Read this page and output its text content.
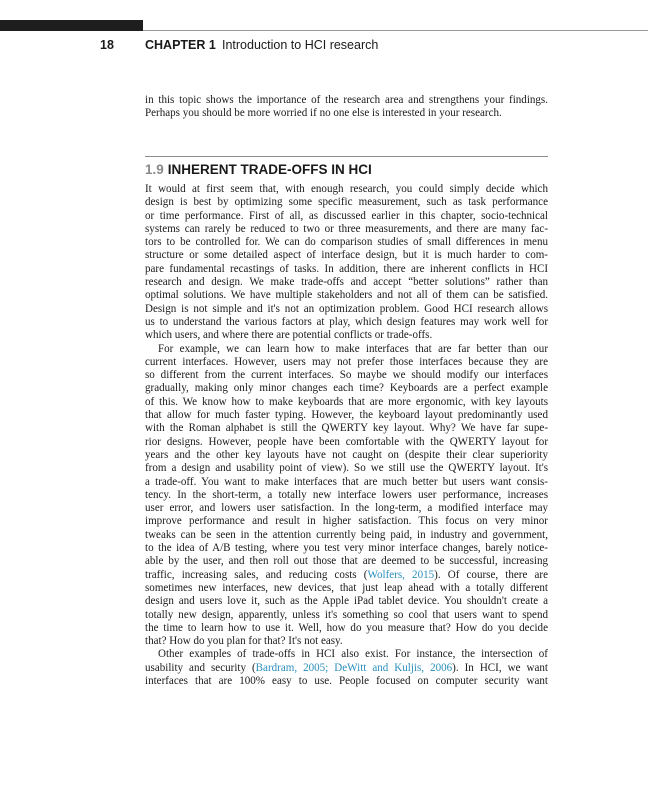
18 CHAPTER 1 Introduction to HCI research

in this topic shows the importance of the research area and strengthens your findings.

Perhaps you should be more worried if no one else is interested in your research.

1.9 INHERENT TRADE-OFFS IN HCI

It would at first seem that, with enough research, you could simply decide which

design is best by optimizing some specific measurement, such as task performance

or time performance. First of all, as discussed earlier in this chapter, socio-technical

systems can rarely be reduced to two or three measurements, and there are many fac-

tors to be controlled for. We can do comparison studies of small differences in menu

structure or some detailed aspect of interface design, but it is much harder to com-

pare fundamental recastings of tasks. In addition, there are inherent conflicts in HCI

research and design. We make trade-offs and accept “better solutions” rather than

optimal solutions. We have multiple stakeholders and not all of them can be satisfied.

Design is not simple and it's not an optimization problem. Good HCI research allows

us to understand the various factors at play, which design features may work well for

which users, and where there are potential conflicts or trade-offs.

For example, we can learn how to make interfaces that are far better than our

current interfaces. However, users may not prefer those interfaces because they are

so different from the current interfaces. So maybe we should modify our interfaces

gradually, making only minor changes each time? Keyboards are a perfect example

of this. We know how to make keyboards that are more ergonomic, with key layouts

that allow for much faster typing. However, the keyboard layout predominantly used

with the Roman alphabet is still the QWERTY key layout. Why? We have far supe-

rior designs. However, people have been comfortable with the QWERTY layout for

years and the other key layouts have not caught on (despite their clear superiority

from a design and usability point of view). So we still use the QWERTY layout. It's

a trade-off. You want to make interfaces that are much better but users want consis-

tency. In the short-term, a totally new interface lowers user performance, increases

user error, and lowers user satisfaction. In the long-term, a modified interface may

improve performance and result in higher satisfaction. This focus on very minor

tweaks can be seen in the attention currently being paid, in industry and government,

to the idea of A/B testing, where you test very minor interface changes, barely notice-

able by the user, and then roll out those that are deemed to be successful, increasing

traffic, increasing sales, and reducing costs (Wolfers, 2015). Of course, there are

sometimes new interfaces, new devices, that just leap ahead with a totally different

design and users love it, such as the Apple iPad tablet device. You shouldn't create a

totally new design, apparently, unless it's something so cool that users want to spend

the time to learn how to use it. Well, how do you measure that? How do you decide

that? How do you plan for that? It's not easy.

Other examples of trade-offs in HCI also exist. For instance, the intersection of

usability and security (Bardram, 2005; DeWitt and Kuljis, 2006). In HCI, we want

interfaces that are 100% easy to use. People focused on computer security want
